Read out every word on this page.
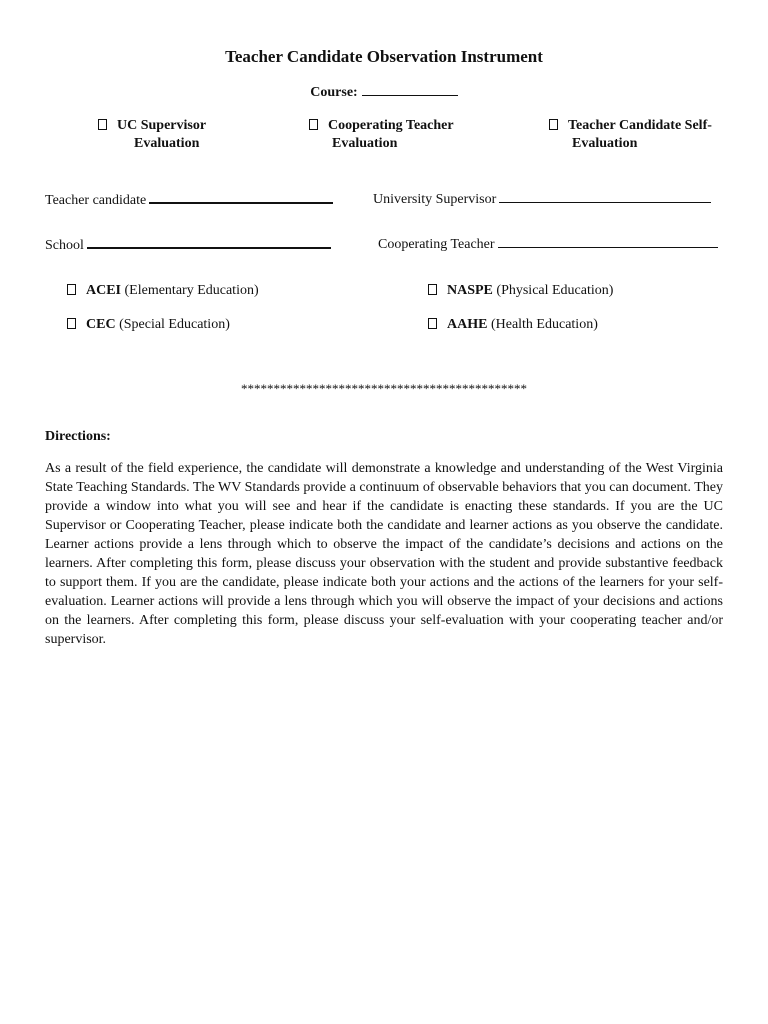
Teacher Candidate Observation Instrument
Course:
UC Supervisor
Evaluation
Cooperating Teacher
Evaluation
Teacher Candidate Self-
Evaluation
Teacher candidate	University Supervisor
School	Cooperating Teacher
ACEI (Elementary Education)	NASPE (Physical Education)
CEC (Special Education)	AAHE (Health Education)
********************************************
Directions:
As a result of the field experience, the candidate will demonstrate a knowledge and understanding of the West Virginia State Teaching Standards. The WV Standards provide a continuum of observable behaviors that you can document. They provide a window into what you will see and hear if the candidate is enacting these standards. If you are the UC Supervisor or Cooperating Teacher, please indicate both the candidate and learner actions as you observe the candidate. Learner actions provide a lens through which to observe the impact of the candidate’s decisions and actions on the learners. After completing this form, please discuss your observation with the student and provide substantive feedback to support them. If you are the candidate, please indicate both your actions and the actions of the learners for your self-evaluation. Learner actions will provide a lens through which you will observe the impact of your decisions and actions on the learners. After completing this form, please discuss your self-evaluation with your cooperating teacher and/or supervisor.
